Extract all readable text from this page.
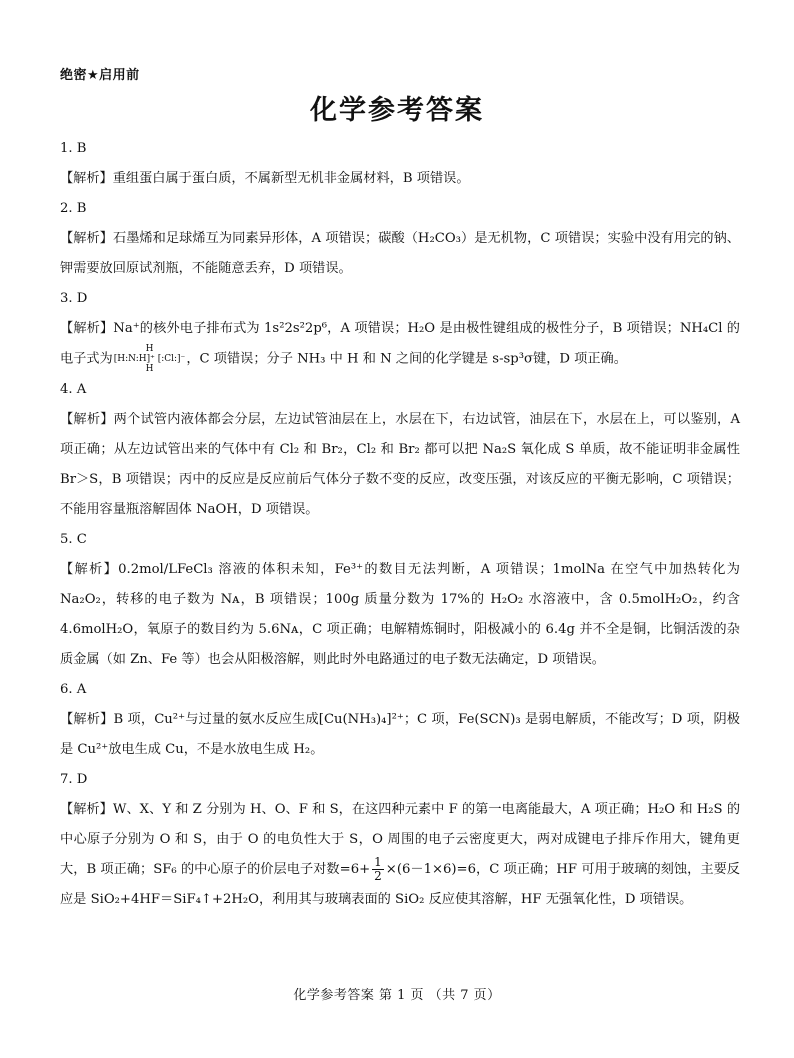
绝密★启用前
化学参考答案

1. B

【解析】重组蛋白属于蛋白质，不属新型无机非金属材料，B 项错误。

2. B

【解析】石墨烯和足球烯互为同素异形体，A 项错误；碳酸（H₂CO₃）是无机物，C 项错误；实验中没有用完的钠、钾需要放回原试剂瓶，不能随意丢弃，D 项错误。

3. D

【解析】Na⁺的核外电子排布式为 1s²2s²2p⁶，A 项错误；H₂O 是由极性键组成的极性分子，B 项错误；NH₄Cl 的电子式为
H
[H:N:H]⁺ [:Cl:]⁻
H
，C 项错误；分子 NH₃ 中 H 和 N 之间的化学键是 s-sp³σ键，D 项正确。

4. A

【解析】两个试管内液体都会分层，左边试管油层在上，水层在下，右边试管，油层在下，水层在上，可以鉴别，A 项正确；从左边试管出来的气体中有 Cl₂ 和 Br₂，Cl₂ 和 Br₂ 都可以把 Na₂S 氧化成 S 单质，故不能证明非金属性 Br＞S，B 项错误；丙中的反应是反应前后气体分子数不变的反应，改变压强，对该反应的平衡无影响，C 项错误；不能用容量瓶溶解固体 NaOH，D 项错误。

5. C

【解析】0.2mol/LFeCl₃ 溶液的体积未知，Fe³⁺的数目无法判断，A 项错误；1molNa 在空气中加热转化为 Na₂O₂，转移的电子数为 Nᴀ，B 项错误；100g 质量分数为 17%的 H₂O₂ 水溶液中，含 0.5molH₂O₂，约含 4.6molH₂O，氧原子的数目约为 5.6Nᴀ，C 项正确；电解精炼铜时，阳极减小的 6.4g 并不全是铜，比铜活泼的杂质金属（如 Zn、Fe 等）也会从阳极溶解，则此时外电路通过的电子数无法确定，D 项错误。

6. A

【解析】B 项，Cu²⁺与过量的氨水反应生成[Cu(NH₃)₄]²⁺；C 项，Fe(SCN)₃ 是弱电解质，不能改写；D 项，阴极是 Cu²⁺放电生成 Cu，不是水放电生成 H₂。

7. D

【解析】W、X、Y 和 Z 分别为 H、O、F 和 S，在这四种元素中 F 的第一电离能最大，A 项正确；H₂O 和 H₂S 的中心原子分别为 O 和 S，由于 O 的电负性大于 S，O 周围的电子云密度更大，两对成键电子排斥作用大，键角更大，B 项正确；SF₆ 的中心原子的价层电子对数$=6+ \frac{1}{2} \times(6-1\times 6)=6$，C 项正确；HF 可用于玻璃的刻蚀，主要反应是 SiO₂+4HF＝SiF₄↑+2H₂O，利用其与玻璃表面的 SiO₂ 反应使其溶解，HF 无强氧化性，D 项错误。

化学参考答案 第 1 页 （共 7 页）
